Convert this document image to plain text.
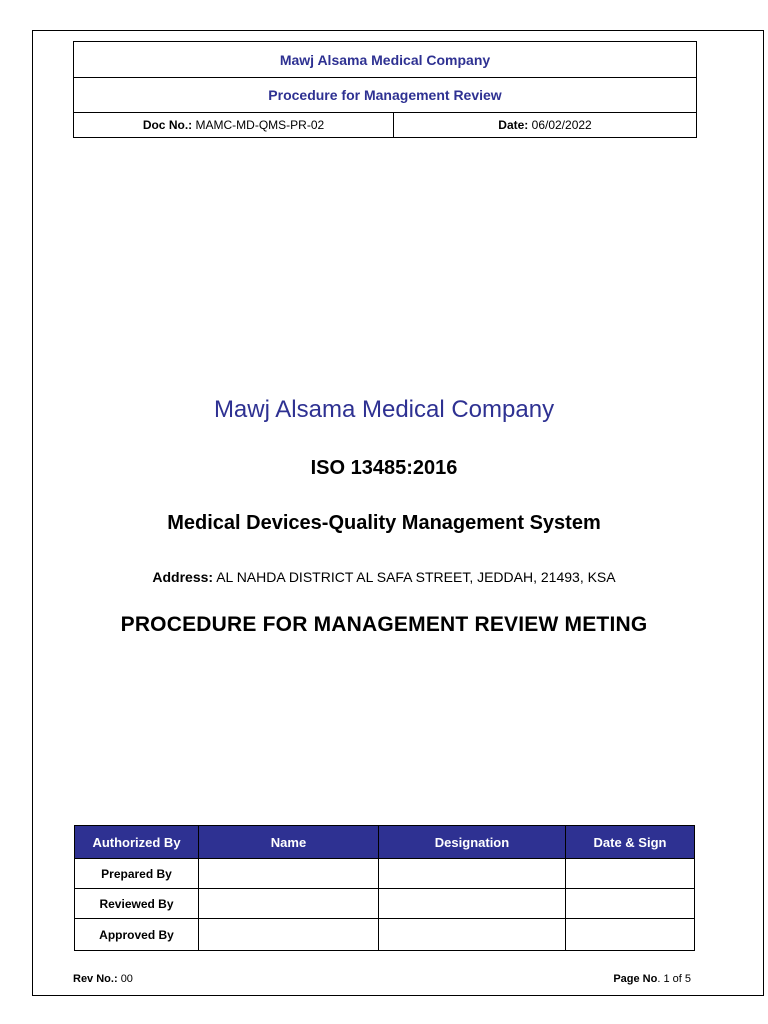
Mawj Alsama Medical Company
Procedure for Management Review
Doc No.: MAMC-MD-QMS-PR-02	Date: 06/02/2022
Mawj Alsama Medical Company
ISO 13485:2016
Medical Devices-Quality Management System
Address: AL NAHDA DISTRICT AL SAFA STREET, JEDDAH, 21493, KSA
PROCEDURE FOR MANAGEMENT REVIEW METING
Authorized By	Name	Designation	Date & Sign
Prepared By			
Reviewed By			
Approved By			
Rev No.: 00	Page No. 1 of 5
